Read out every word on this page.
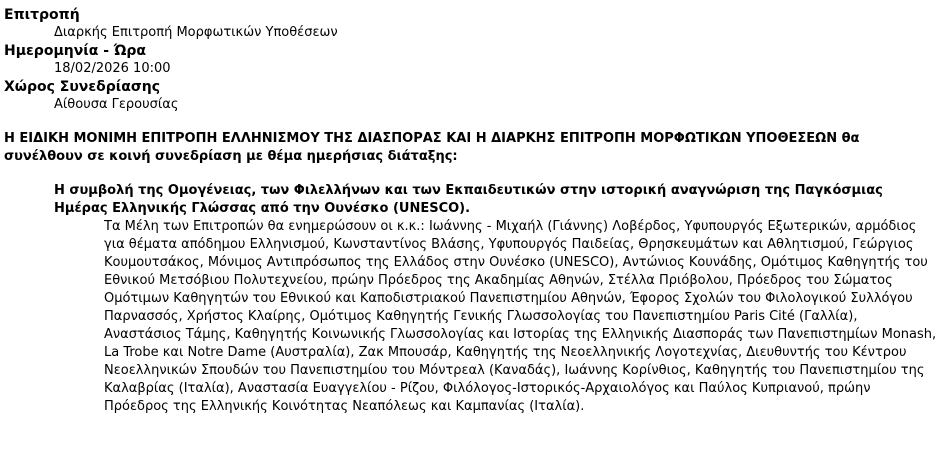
Επιτροπή
Διαρκής Επιτροπή Μορφωτικών Υποθέσεων
Ημερομηνία - Ώρα
18/02/2026 10:00
Χώρος Συνεδρίασης
Αίθουσα Γερουσίας
Η ΕΙΔΙΚΗ ΜΟΝΙΜΗ ΕΠΙΤΡΟΠΗ ΕΛΛΗΝΙΣΜΟΥ ΤΗΣ ΔΙΑΣΠΟΡΑΣ ΚΑΙ Η ΔΙΑΡΚΗΣ ΕΠΙΤΡΟΠΗ ΜΟΡΦΩΤΙΚΩΝ ΥΠΟΘΕΣΕΩΝ θα συνέλθουν σε κοινή συνεδρίαση με θέμα ημερήσιας διάταξης:
Η συμβολή της Ομογένειας, των Φιλελλήνων και των Εκπαιδευτικών στην ιστορική αναγνώριση της Παγκόσμιας Ημέρας Ελληνικής Γλώσσας από την Ουνέσκο (UNESCO).
Τα Μέλη των Επιτροπών θα ενημερώσουν οι κ.κ.: Ιωάννης - Μιχαήλ (Γιάννης) Λοβέρδος, Υφυπουργός Εξωτερικών, αρμόδιος για θέματα απόδημου Ελληνισμού, Κωνσταντίνος Βλάσης, Υφυπουργός Παιδείας, Θρησκευμάτων και Αθλητισμού, Γεώργιος Κουμουτσάκος, Μόνιμος Αντιπρόσωπος της Ελλάδος στην Ουνέσκο (UNESCO), Αντώνιος Κουνάδης, Ομότιμος Καθηγητής του Εθνικού Μετσόβιου Πολυτεχνείου, πρώην Πρόεδρος της Ακαδημίας Αθηνών, Στέλλα Πριόβολου, Πρόεδρος του Σώματος Ομότιμων Καθηγητών του Εθνικού και Καποδιστριακού Πανεπιστημίου Αθηνών, Έφορος Σχολών του Φιλολογικού Συλλόγου Παρνασσός, Χρήστος Κλαίρης, Ομότιμος Καθηγητής Γενικής Γλωσσολογίας του Πανεπιστημίου Paris Cité (Γαλλία), Αναστάσιος Τάμης, Καθηγητής Κοινωνικής Γλωσσολογίας και Ιστορίας της Ελληνικής Διασποράς των Πανεπιστημίων Monash, La Trobe και Notre Dame (Αυστραλία), Ζακ Μπουσάρ, Καθηγητής της Νεοελληνικής Λογοτεχνίας, Διευθυντής του Κέντρου Νεοελληνικών Σπουδών του Πανεπιστημίου του Μόντρεαλ (Καναδάς), Ιωάννης Κορίνθιος, Καθηγητής του Πανεπιστημίου της Καλαβρίας (Ιταλία), Αναστασία Ευαγγελίου - Ρίζου, Φιλόλογος-Ιστορικός-Αρχαιολόγος και Παύλος Κυπριανού, πρώην Πρόεδρος της Ελληνικής Κοινότητας Νεαπόλεως και Καμπανίας (Ιταλία).
